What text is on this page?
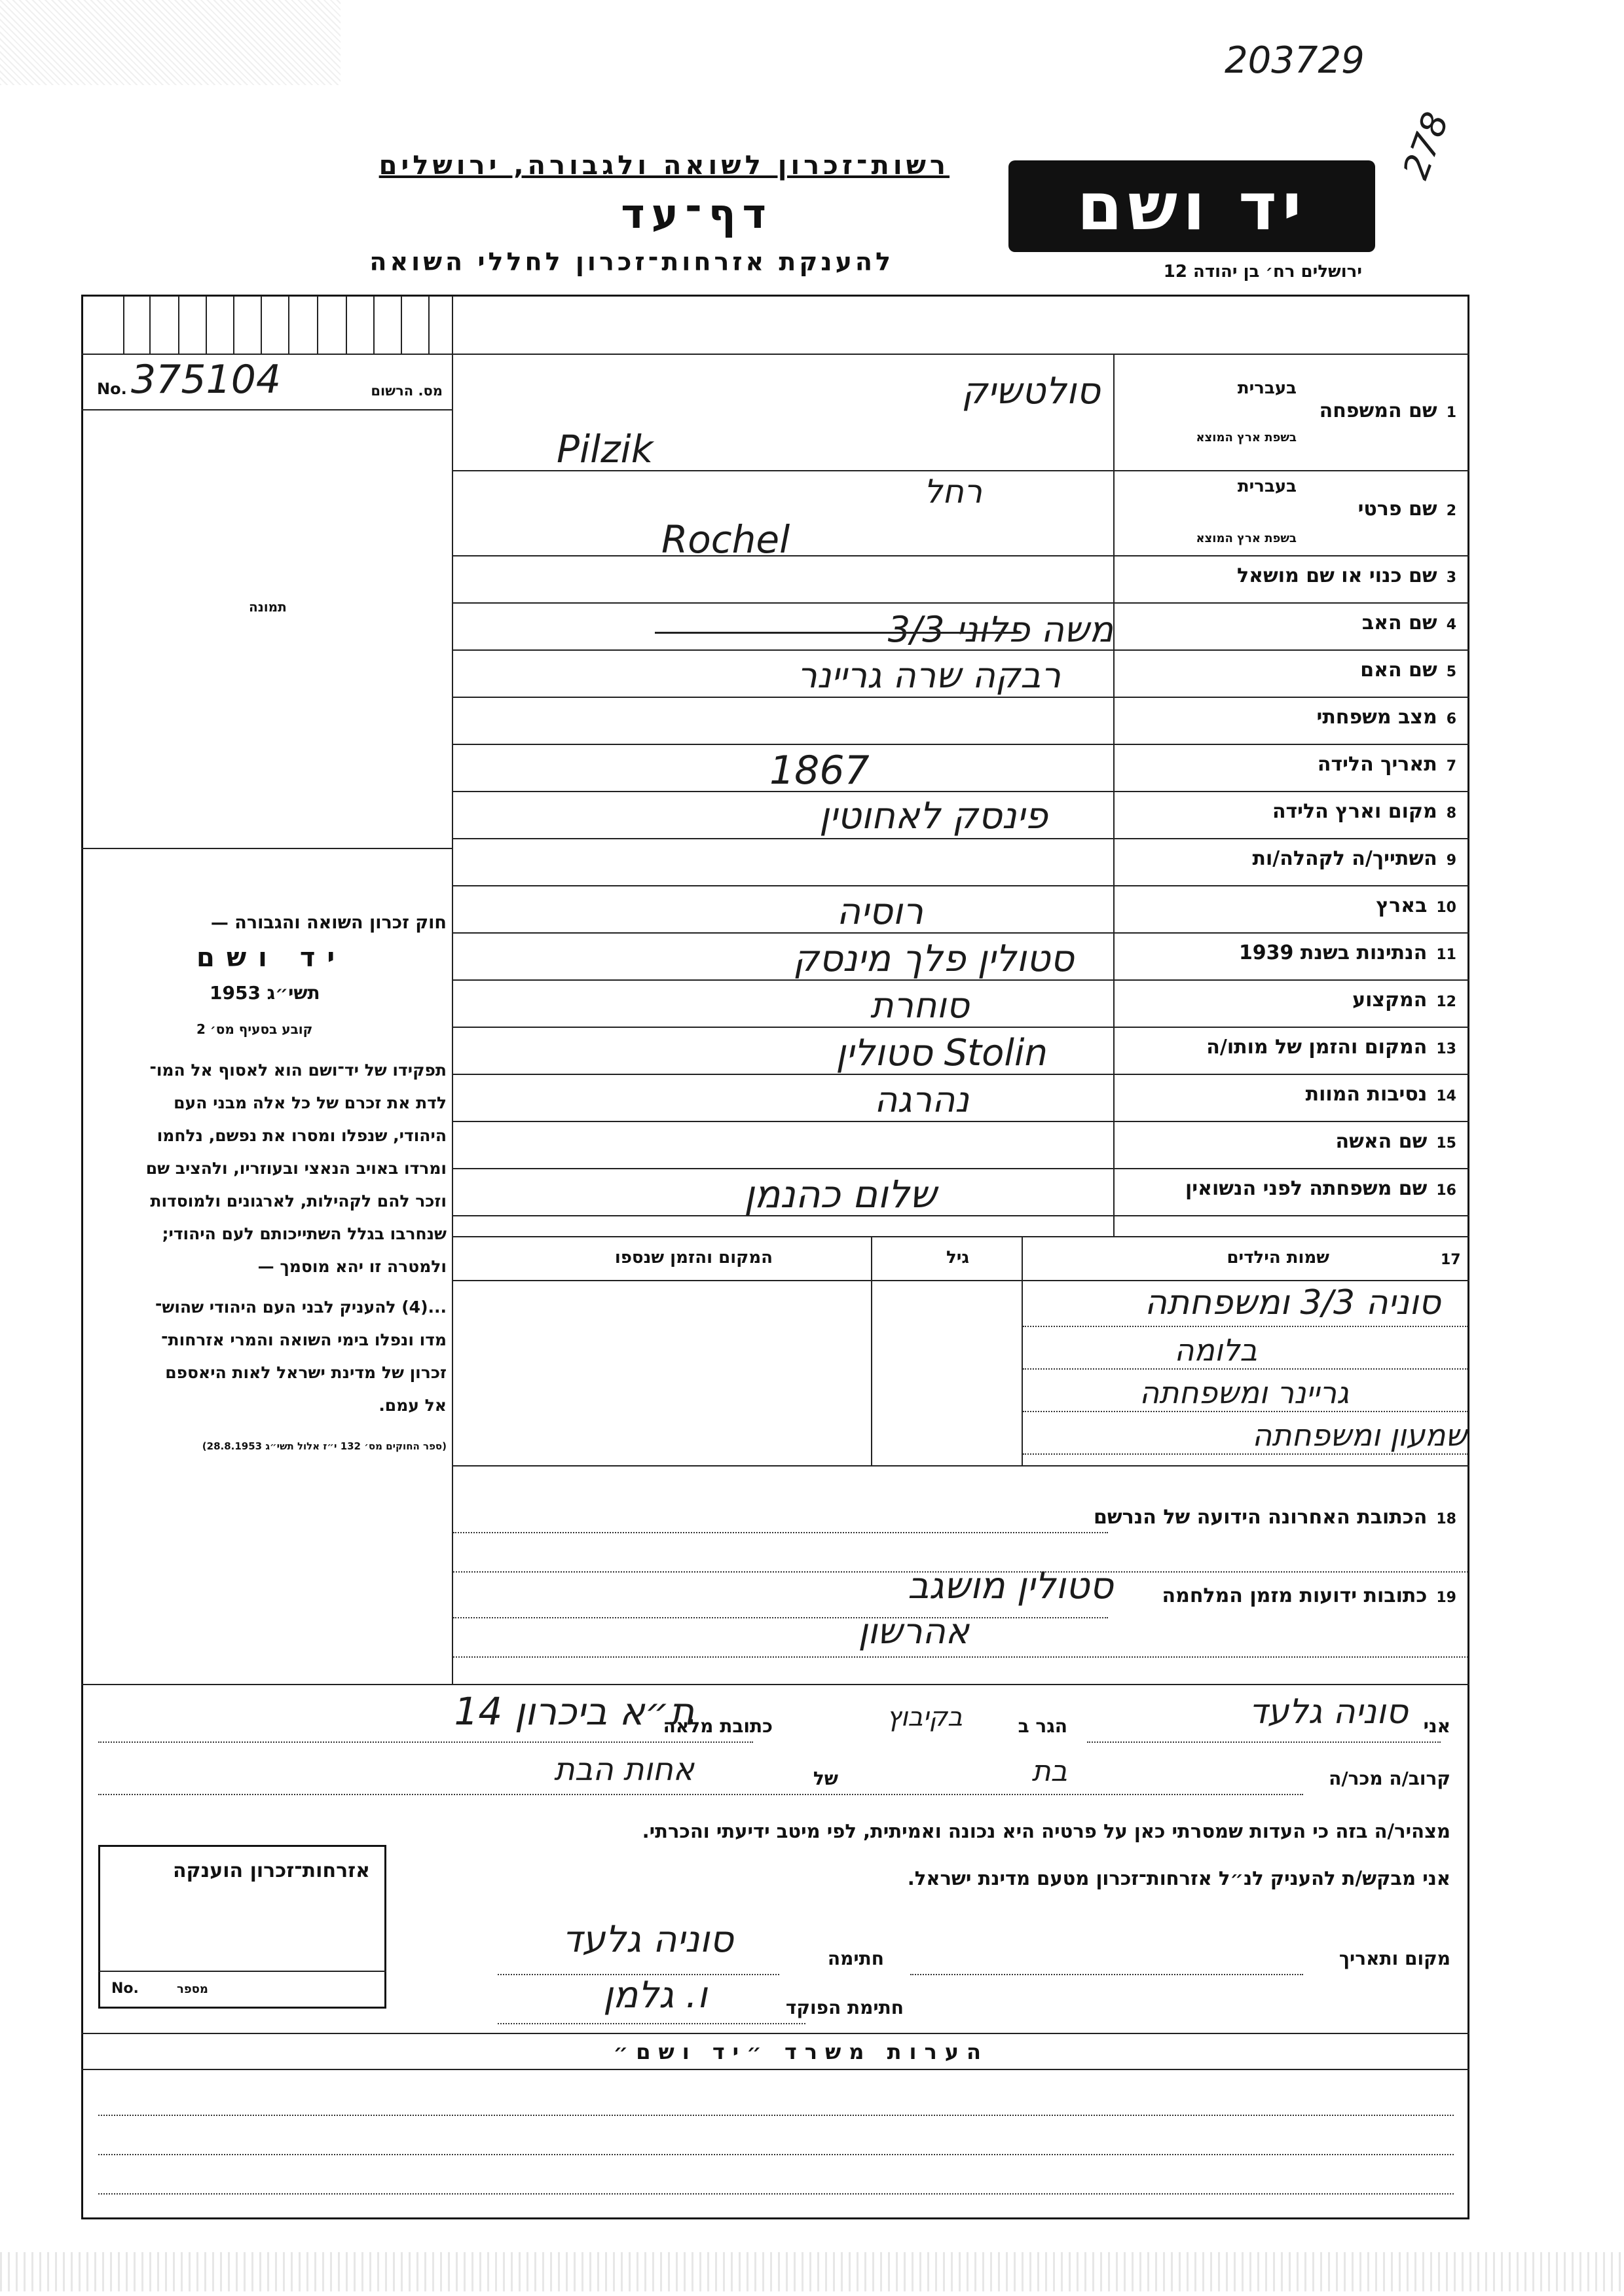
203729
278
רשות־זכרון לשואה ולגבורה, ירושלים
דף־עד
להענקת אזרחות־זכרון לחללי השואה
יד ושם
ירושלים רח׳ בן יהודה 12
No. 375104	מס. הרשום
תמונה
חוק זכרון השואה והגבורה —
יד ושם
תשי״ג 1953
קובע בסעיף מס׳ 2
תפקידו של יד־ושם הוא לאסוף אל המו־
לדת את זכרם של כל אלה מבני העם
היהודי, שנפלו ומסרו את נפשם, נלחמו
ומרדו באויב הנאצי ובעוזריו, ולהציב שם
וזכר להם לקהילות, לארגונים ולמוסדות
שנחרבו בגלל השתייכותם לעם היהודי;
ולמטרה זו יהא מוסמך —
...(4) להעניק לבני העם היהודי שהוש־
מדו ונפלו בימי השואה והמרי אזרחות־
זכרון של מדינת ישראל לאות היאספם
אל עמם.
(ספר החוקים מס׳ 132 י״ז אלול תשי״ג 28.8.1953)
1שם המשפחה
בעברית
בשפת ארץ המוצא
סולטשיק
Pilzik
2שם פרטי
בעברית
בשפת ארץ המוצא
רחל
Rochel
3שם כנוי או שם מושאל
4שם האב
5שם האם
6מצב משפחתי
7תאריך הלידה
8מקום וארץ הלידה
9השתייך/ה לקהלה/ות
10בארץ
11הנתינות בשנת 1939
12המקצוע
13המקום והזמן של מותו/ה
14נסיבות המוות
15שם האשה
16שם משפחתה לפני הנשואין
משה פלוני 3/3
רבקה שרה גריינר
1867
פינסק לאחוטין
רוסיה
סטולין פלך מינסק
סוחרת
Stolin סטולין
נהרגה
שלום כהנמן
17
שמות הילדים
גיל
המקום והזמן שנספו
סוניה 3/3 ומשפחתה
בלומה
גריינר ומשפחתה
שמעון ומשפחתה
18הכתובת האחרונה הידועה של הנרשם
19כתובות ידועות מזמן המלחמה
סטולין מושגב
אהרשון
אני
סוניה גלעד
הגר ב
בקיבוץ
כתובת מלאה
ת״א ביכרון 14
קרוב/ה מכר/ה
בת
של
אחות הבת
מצהיר/ה בזה כי העדות שמסרתי כאן על פרטיה היא נכונה ואמיתית, לפי מיטב ידיעתי והכרתי.
אני מבקש/ת להעניק לנ״ל אזרחות־זכרון מטעם מדינת ישראל.
מקום ותאריך
חתימה
סוניה גלעד
חתימת הפוקד
ו. גלמן
אזרחות־זכרון הוענקה
No.	מספר
הערות משרד ״יד ושם״
